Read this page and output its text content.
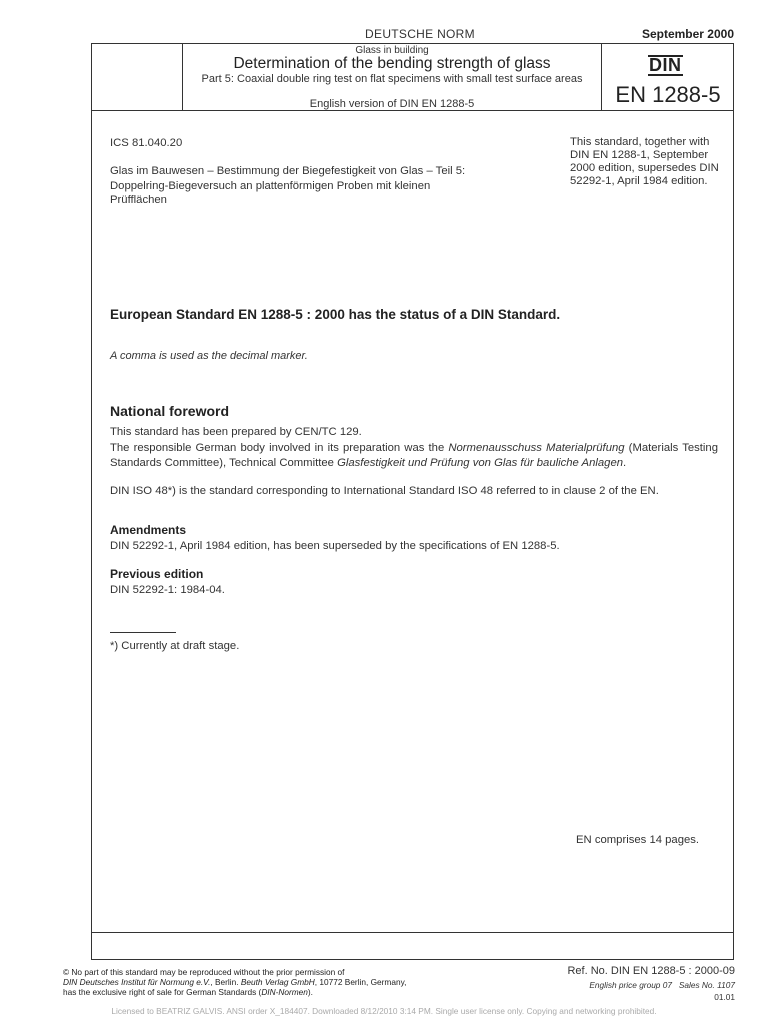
DEUTSCHE NORM	September 2000
Glass in building
Determination of the bending strength of glass
Part 5: Coaxial double ring test on flat specimens with small test surface areas
English version of DIN EN 1288-5
DIN
EN 1288-5
ICS 81.040.20
Glas im Bauwesen – Bestimmung der Biegefestigkeit von Glas – Teil 5: Doppelring-Biegeversuch an plattenförmigen Proben mit kleinen Prüfflächen
This standard, together with DIN EN 1288-1, September 2000 edition, supersedes DIN 52292-1, April 1984 edition.
European Standard EN 1288-5 : 2000 has the status of a DIN Standard.
A comma is used as the decimal marker.
National foreword
This standard has been prepared by CEN/TC 129.
The responsible German body involved in its preparation was the Normenausschuss Materialprüfung (Materials Testing Standards Committee), Technical Committee Glasfestigkeit und Prüfung von Glas für bauliche Anlagen.
DIN ISO 48*) is the standard corresponding to International Standard ISO 48 referred to in clause 2 of the EN.
Amendments
DIN 52292-1, April 1984 edition, has been superseded by the specifications of EN 1288-5.
Previous edition
DIN 52292-1: 1984-04.
*) Currently at draft stage.
EN comprises 14 pages.
© No part of this standard may be reproduced without the prior permission of
DIN Deutsches Institut für Normung e.V., Berlin. Beuth Verlag GmbH, 10772 Berlin, Germany,
has the exclusive right of sale for German Standards (DIN-Normen).
Ref. No. DIN EN 1288-5 : 2000-09
English price group 07 Sales No. 1107
01.01
Licensed to BEATRIZ GALVIS. ANSI order X_184407. Downloaded 8/12/2010 3:14 PM. Single user license only. Copying and networking prohibited.
